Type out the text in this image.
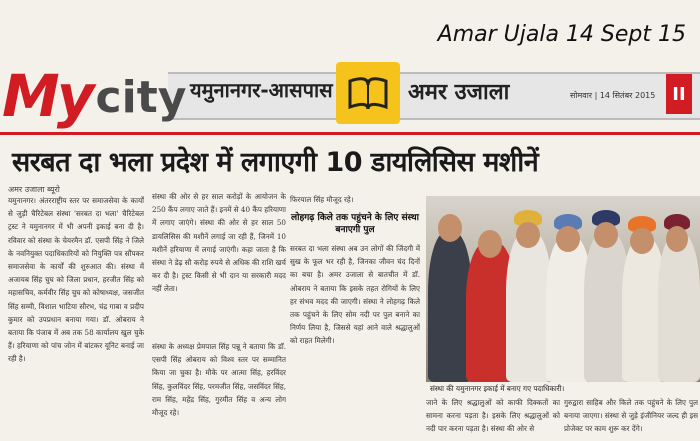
Amar Ujala 14 Sept 15
My city यमुनानगर-आसपास	अमर उजाला	सोमवार | 14 सितंबर 2015 II
सरबत दा भला प्रदेश में लगाएगी 10 डायलिसिस मशीनें
अमर उजाला ब्यूरो
यमुनानगर। अंतरराष्ट्रीय स्तर पर समाजसेवा के कार्यों से जुड़ी चैरिटेबल संस्था 'सरबत दा भला' चैरिटेबल ट्रस्ट ने यमुनानगर में भी अपनी इकाई बना दी है। रविवार को संस्था के चेयरमैन डॉ. एसपी सिंह ने जिले के नवनियुक्त पदाधिकारियों को नियुक्ति पत्र सौंपकर समाजसेवा के कार्यों की शुरुआत की। संस्था में अजायब सिंह चुघ को जिला प्रधान, हरजीत सिंह को महासचिव, कर्मवीर सिंह चुघ को कोषाध्यक्ष, जसजीत सिंह सम्मी, विशाल भाटिया सौरभ, चंद्र गाबा व प्रदीप कुमार को उपप्रधान बनाया गया। डॉ. ओबराय ने बताया कि पंजाब में अब तक 58 कार्यालय खुल चुके हैं। हरियाणा को पांच जोन में बांटकर यूनिट बनाई जा रही है।
संस्था की ओर से हर साल करोड़ों के आयोजन के 250 कैंप लगाए जाते हैं। इनमें से 40 कैंप हरियाणा में लगाए जाएंगे। संस्था की ओर से हर साल 50 डायलिसिस की मशीनें लगाई जा रही हैं, जिनमें 10 मशीनें हरियाणा में लगाई जाएंगी। कहा जाता है कि संस्था ने डेढ़ सौ करोड़ रुपये से अधिक की राशि खर्च कर दी है। ट्रस्ट किसी से भी दान या सरकारी मदद नहीं लेता।
संस्था के अध्यक्ष प्रेमपाल सिंह पन्नू ने बताया कि डॉ. एसपी सिंह ओबराय को विश्व स्तर पर सम्मानित किया जा चुका है। मौके पर आत्मा सिंह, हरविंदर सिंह, कुलविंदर सिंह, परमजीत सिंह, जसविंदर सिंह, राम सिंह, महेंद्र सिंह, गुरमीत सिंह व अन्य लोग मौजूद रहे।
फिरयाल सिंह मौजूद रहे।
लोहगढ़ किले तक पहुंचने के लिए संस्था बनाएगी पुल
सरबत दा भला संस्था अब उन लोगों की जिंदगी में सुख के फूल भर रही है, जिनका जीवन चंद दिनों का बचा है। अमर उजाला से बातचीत में डॉ. ओबराय ने बताया कि इसके तहत रोगियों के लिए हर संभव मदद की जाएगी। संस्था ने लोहगढ़ किले तक पहुंचने के लिए सोम नदी पर पुल बनाने का निर्णय लिया है, जिससे यहां आने वाले श्रद्धालुओं को राहत मिलेगी।
संस्था की यमुनानगर इकाई में बनाए गए पदाधिकारी।
जाने के लिए श्रद्धालुओं को काफी दिक्कतों का सामना करना पड़ता है। इसके लिए श्रद्धालुओं को नदी पार करना पड़ता है। संस्था की ओर से
गुरुद्वारा साहिब और किले तक पहुंचने के लिए पुल बनाया जाएगा। संस्था से जुड़े इंजीनियर जल्द ही इस प्रोजेक्ट पर काम शुरू कर देंगे।
